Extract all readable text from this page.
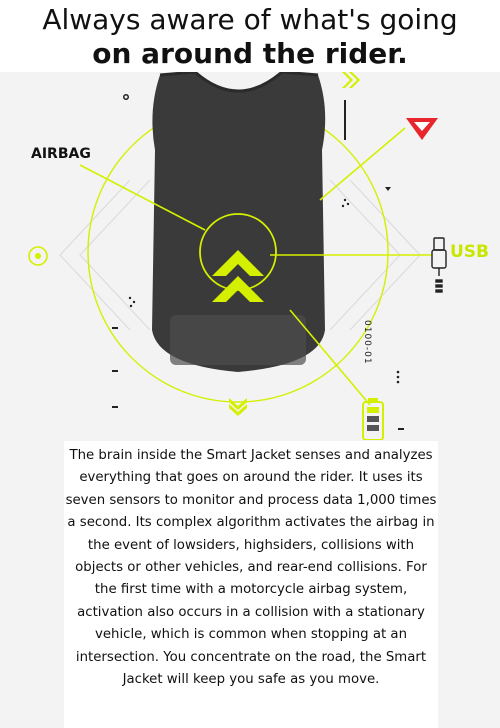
Always aware of what's going
on around the rider.
AIRBAG
USB
0100-01
The brain inside the Smart Jacket senses and analyzes everything that goes on around the rider. It uses its seven sensors to monitor and process data 1,000 times a second. Its complex algorithm activates the airbag in the event of lowsiders, highsiders, collisions with objects or other vehicles, and rear-end collisions. For the first time with a motorcycle airbag system, activation also occurs in a collision with a stationary vehicle, which is common when stopping at an intersection. You concentrate on the road, the Smart Jacket will keep you safe as you move.
